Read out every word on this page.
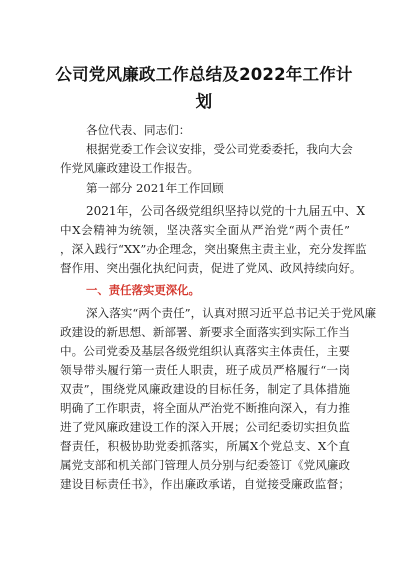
公司党风廉政工作总结及2022年工作计
划
各位代表、同志们：
根据党委工作会议安排，受公司党委委托，我向大会
作党风廉政建设工作报告。
第一部分 2021年工作回顾
2021年，公司各级党组织坚持以党的十九届五中、X
中X会精神为统领，坚决落实全面从严治党“两个责任”
，深入践行“XX”办企理念，突出聚焦主责主业，充分发挥监
督作用、突出强化执纪问责，促进了党风、政风持续向好。
一、责任落实更深化。
深入落实“两个责任”，认真对照习近平总书记关于党风廉
政建设的新思想、新部署、新要求全面落实到实际工作当
中。公司党委及基层各级党组织认真落实主体责任，主要
领导带头履行第一责任人职责，班子成员严格履行“一岗
双责”，围绕党风廉政建设的目标任务，制定了具体措施
明确了工作职责，将全面从严治党不断推向深入，有力推
进了党风廉政建设工作的深入开展；公司纪委切实担负监
督责任，积极协助党委抓落实，所属X个党总支、X个直
属党支部和机关部门管理人员分别与纪委签订《党风廉政
建设目标责任书》，作出廉政承诺，自觉接受廉政监督；
